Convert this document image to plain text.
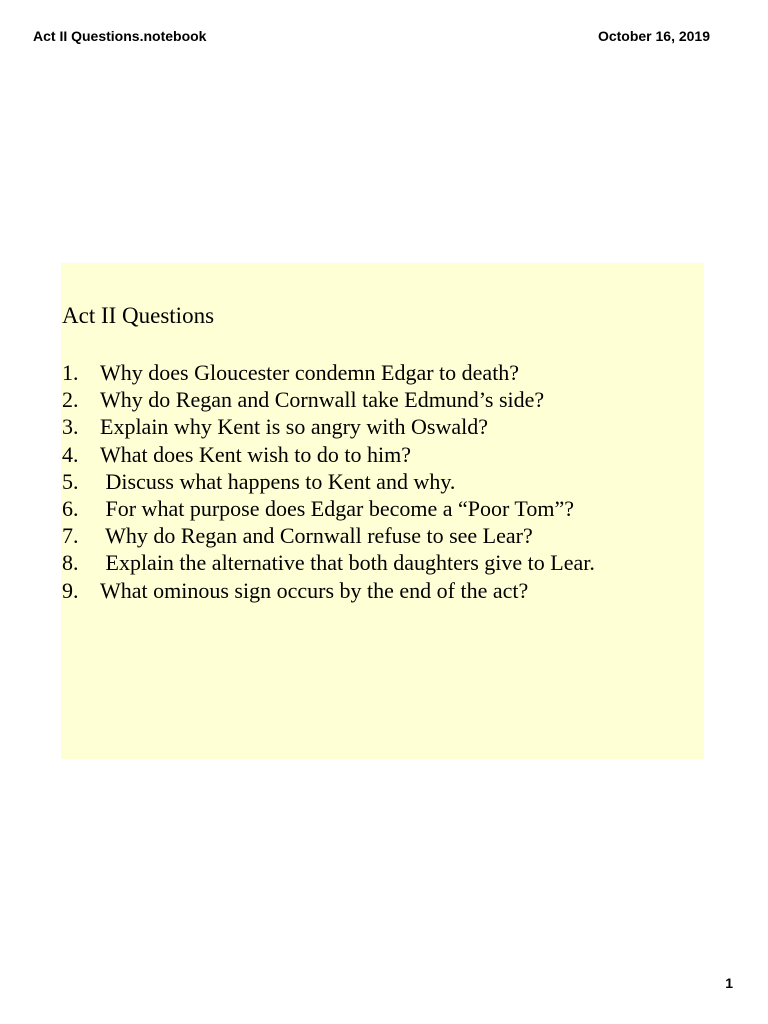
Act II Questions.notebook	October 16, 2019
Act II Questions
1. Why does Gloucester condemn Edgar to death?
2. Why do Regan and Cornwall take Edmund’s side?
3. Explain why Kent is so angry with Oswald?
4. What does Kent wish to do to him?
5. Discuss what happens to Kent and why.
6. For what purpose does Edgar become a “Poor Tom”?
7. Why do Regan and Cornwall refuse to see Lear?
8. Explain the alternative that both daughters give to Lear.
9. What ominous sign occurs by the end of the act?
1
